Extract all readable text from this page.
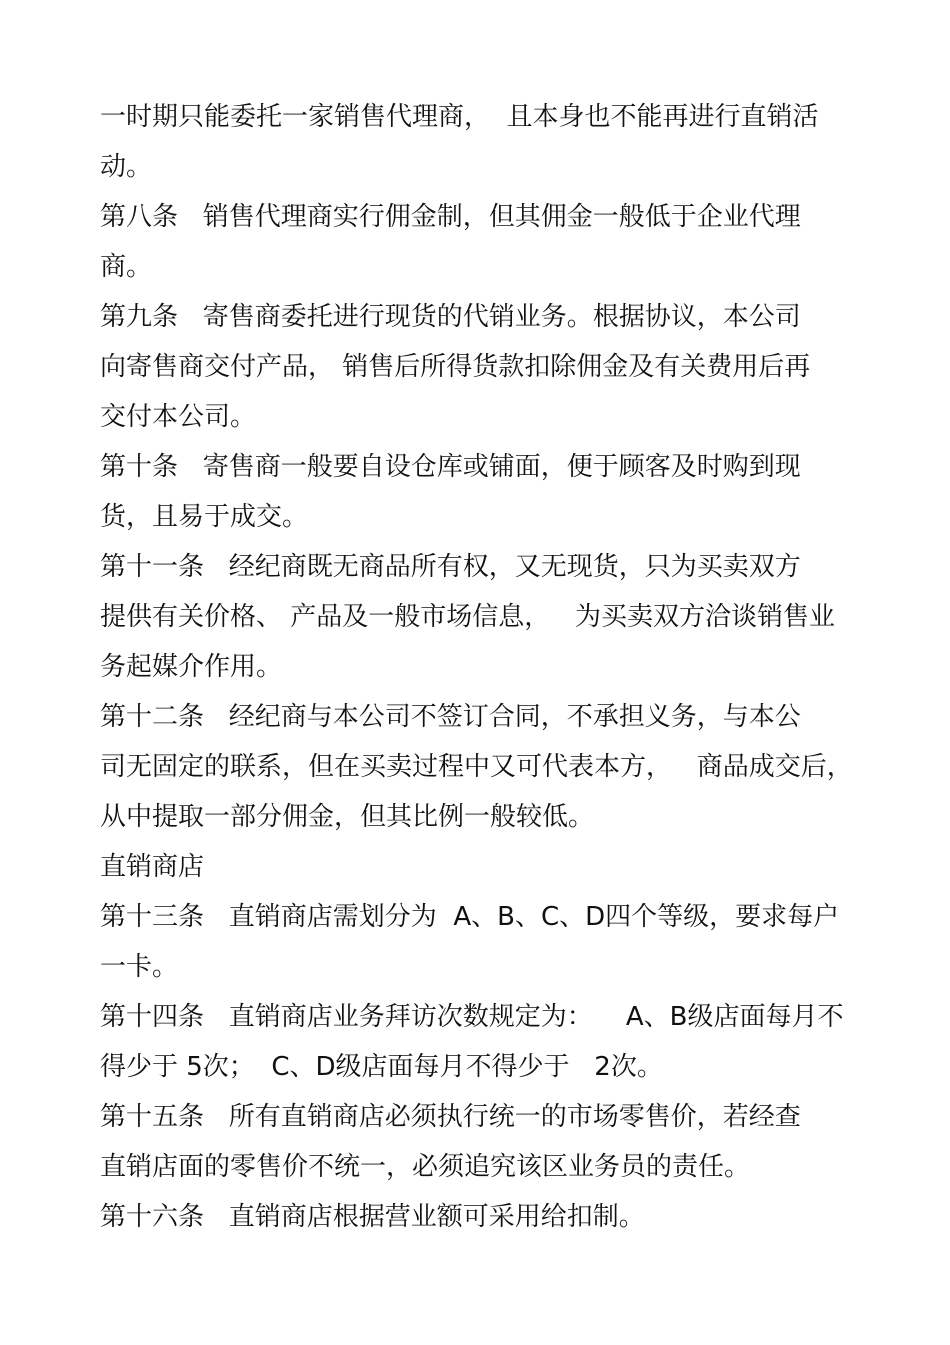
一时期只能委托一家销售代理商，  且本身也不能再进行直销活
动。
第八条   销售代理商实行佣金制，但其佣金一般低于企业代理
商。
第九条   寄售商委托进行现货的代销业务。根据协议，本公司
向寄售商交付产品， 销售后所得货款扣除佣金及有关费用后再
交付本公司。
第十条   寄售商一般要自设仓库或铺面，便于顾客及时购到现
货，且易于成交。
第十一条   经纪商既无商品所有权，又无现货，只为买卖双方
提供有关价格、 产品及一般市场信息，   为买卖双方洽谈销售业
务起媒介作用。
第十二条   经纪商与本公司不签订合同，不承担义务，与本公
司无固定的联系，但在买卖过程中又可代表本方，   商品成交后，
从中提取一部分佣金，但其比例一般较低。
直销商店
第十三条   直销商店需划分为  A、B、C、D四个等级，要求每户
一卡。
第十四条   直销商店业务拜访次数规定为：    A、B级店面每月不
得少于 5次；  C、D级店面每月不得少于   2次。
第十五条   所有直销商店必须执行统一的市场零售价，若经查
直销店面的零售价不统一，必须追究该区业务员的责任。
第十六条   直销商店根据营业额可采用给扣制。
